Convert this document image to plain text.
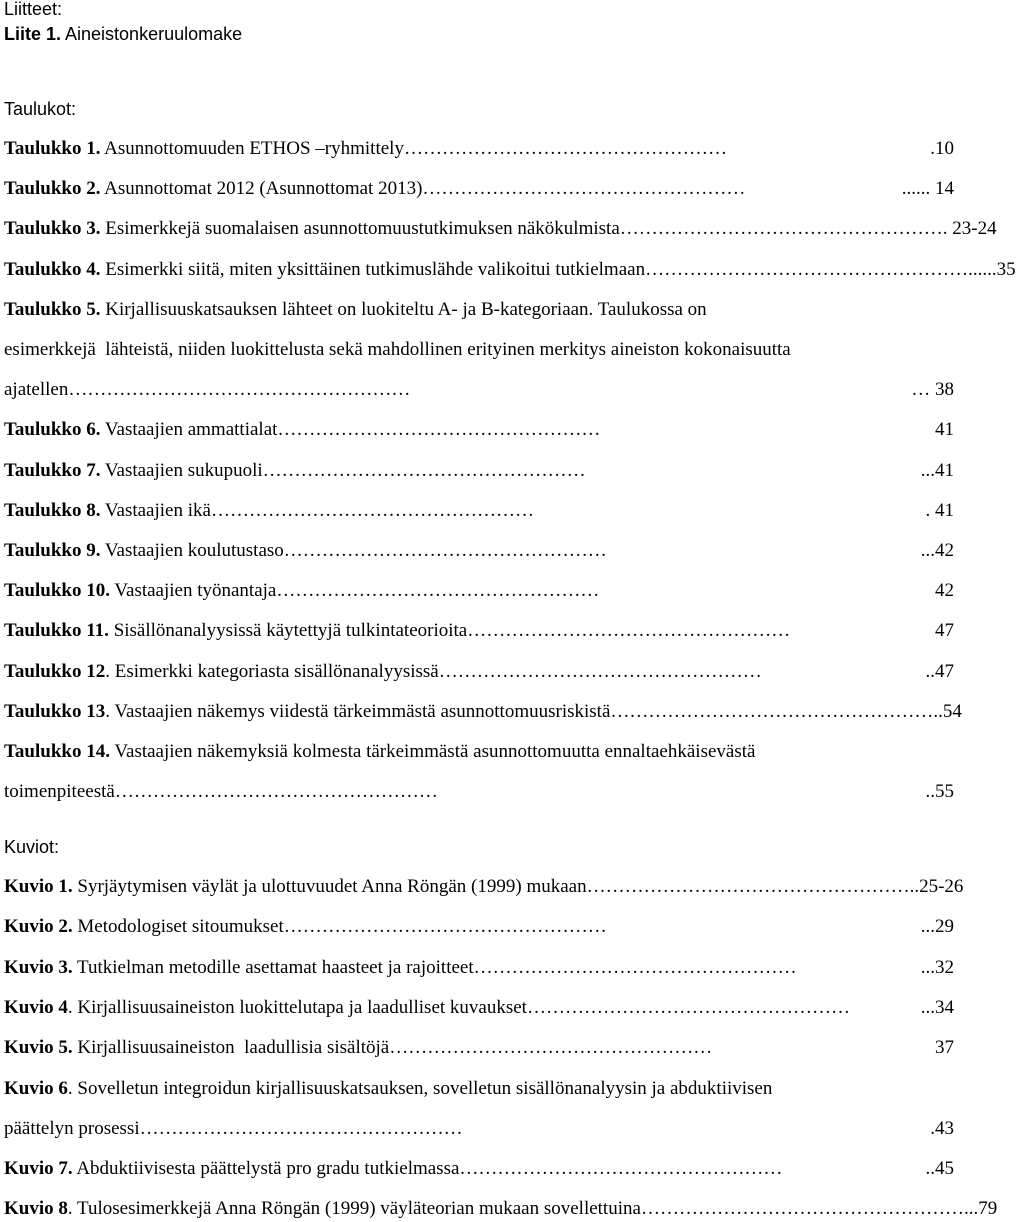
Liitteet:
Liite 1. Aineistonkeruulomake
Taulukot:
Taulukko 1. Asunnottomuuden ETHOS –ryhmittely ……………………………………………	.10
Taulukko 2. Asunnottomat 2012 (Asunnottomat 2013) ……………………………………………	...... 14
Taulukko 3. Esimerkkejä suomalaisen asunnottomuustutkimuksen näkökulmista …………………………………………… . 23-24
Taulukko 4. Esimerkki siitä, miten yksittäinen tutkimuslähde valikoitui tutkielmaan …………………………………………… ......35
Taulukko 5. Kirjallisuuskatsauksen lähteet on luokiteltu A- ja B-kategoriaan. Taulukossa on
esimerkkejä  lähteistä, niiden luokittelusta sekä mahdollinen erityinen merkitys aineiston kokonaisuutta
ajatellen… ……………………………………………	… 38
Taulukko 6. Vastaajien ammattialat ……………………………………………	41
Taulukko 7. Vastaajien sukupuoli ……………………………………………	...41
Taulukko 8. Vastaajien ikä ……………………………………………	. 41
Taulukko 9. Vastaajien koulutustaso ……………………………………………	...42
Taulukko 10. Vastaajien työnantaja ……………………………………………	42
Taulukko 11. Sisällönanalyysissä käytettyjä tulkintateorioita ……………………………………………	47
Taulukko 12 . Esimerkki kategoriasta sisällönanalyysissä ……………………………………………	..47
Taulukko 13 . Vastaajien näkemys viidestä tärkeimmästä asunnottomuusriskistä …………………………………………… ..54
Taulukko 14. Vastaajien näkemyksiä kolmesta tärkeimmästä asunnottomuutta ennaltaehkäisevästä
toimenpiteestä ……………………………………………	..55
Kuviot:
Kuvio 1. Syrjäytymisen väylät ja ulottuvuudet Anna Röngän (1999) mukaan …………………………………………… ..25-26
Kuvio 2. Metodologiset sitoumukset ……………………………………………	...29
Kuvio 3. Tutkielman metodille asettamat haasteet ja rajoitteet ……………………………………………	...32
Kuvio 4 . Kirjallisuusaineiston luokittelutapa ja laadulliset kuvaukset ……………………………………………	...34
Kuvio 5. Kirjallisuusaineiston  laadullisia sisältöjä ……………………………………………	37
Kuvio 6 . Sovelletun integroidun kirjallisuuskatsauksen, sovelletun sisällönanalyysin ja abduktiivisen
päättelyn prosessi ……………………………………………	.43
Kuvio 7. Abduktiivisesta päättelystä pro gradu tutkielmassa ……………………………………………	..45
Kuvio 8 . Tulosesimerkkejä Anna Röngän (1999) väyläteorian mukaan sovellettuina …………………………………………… ...79
